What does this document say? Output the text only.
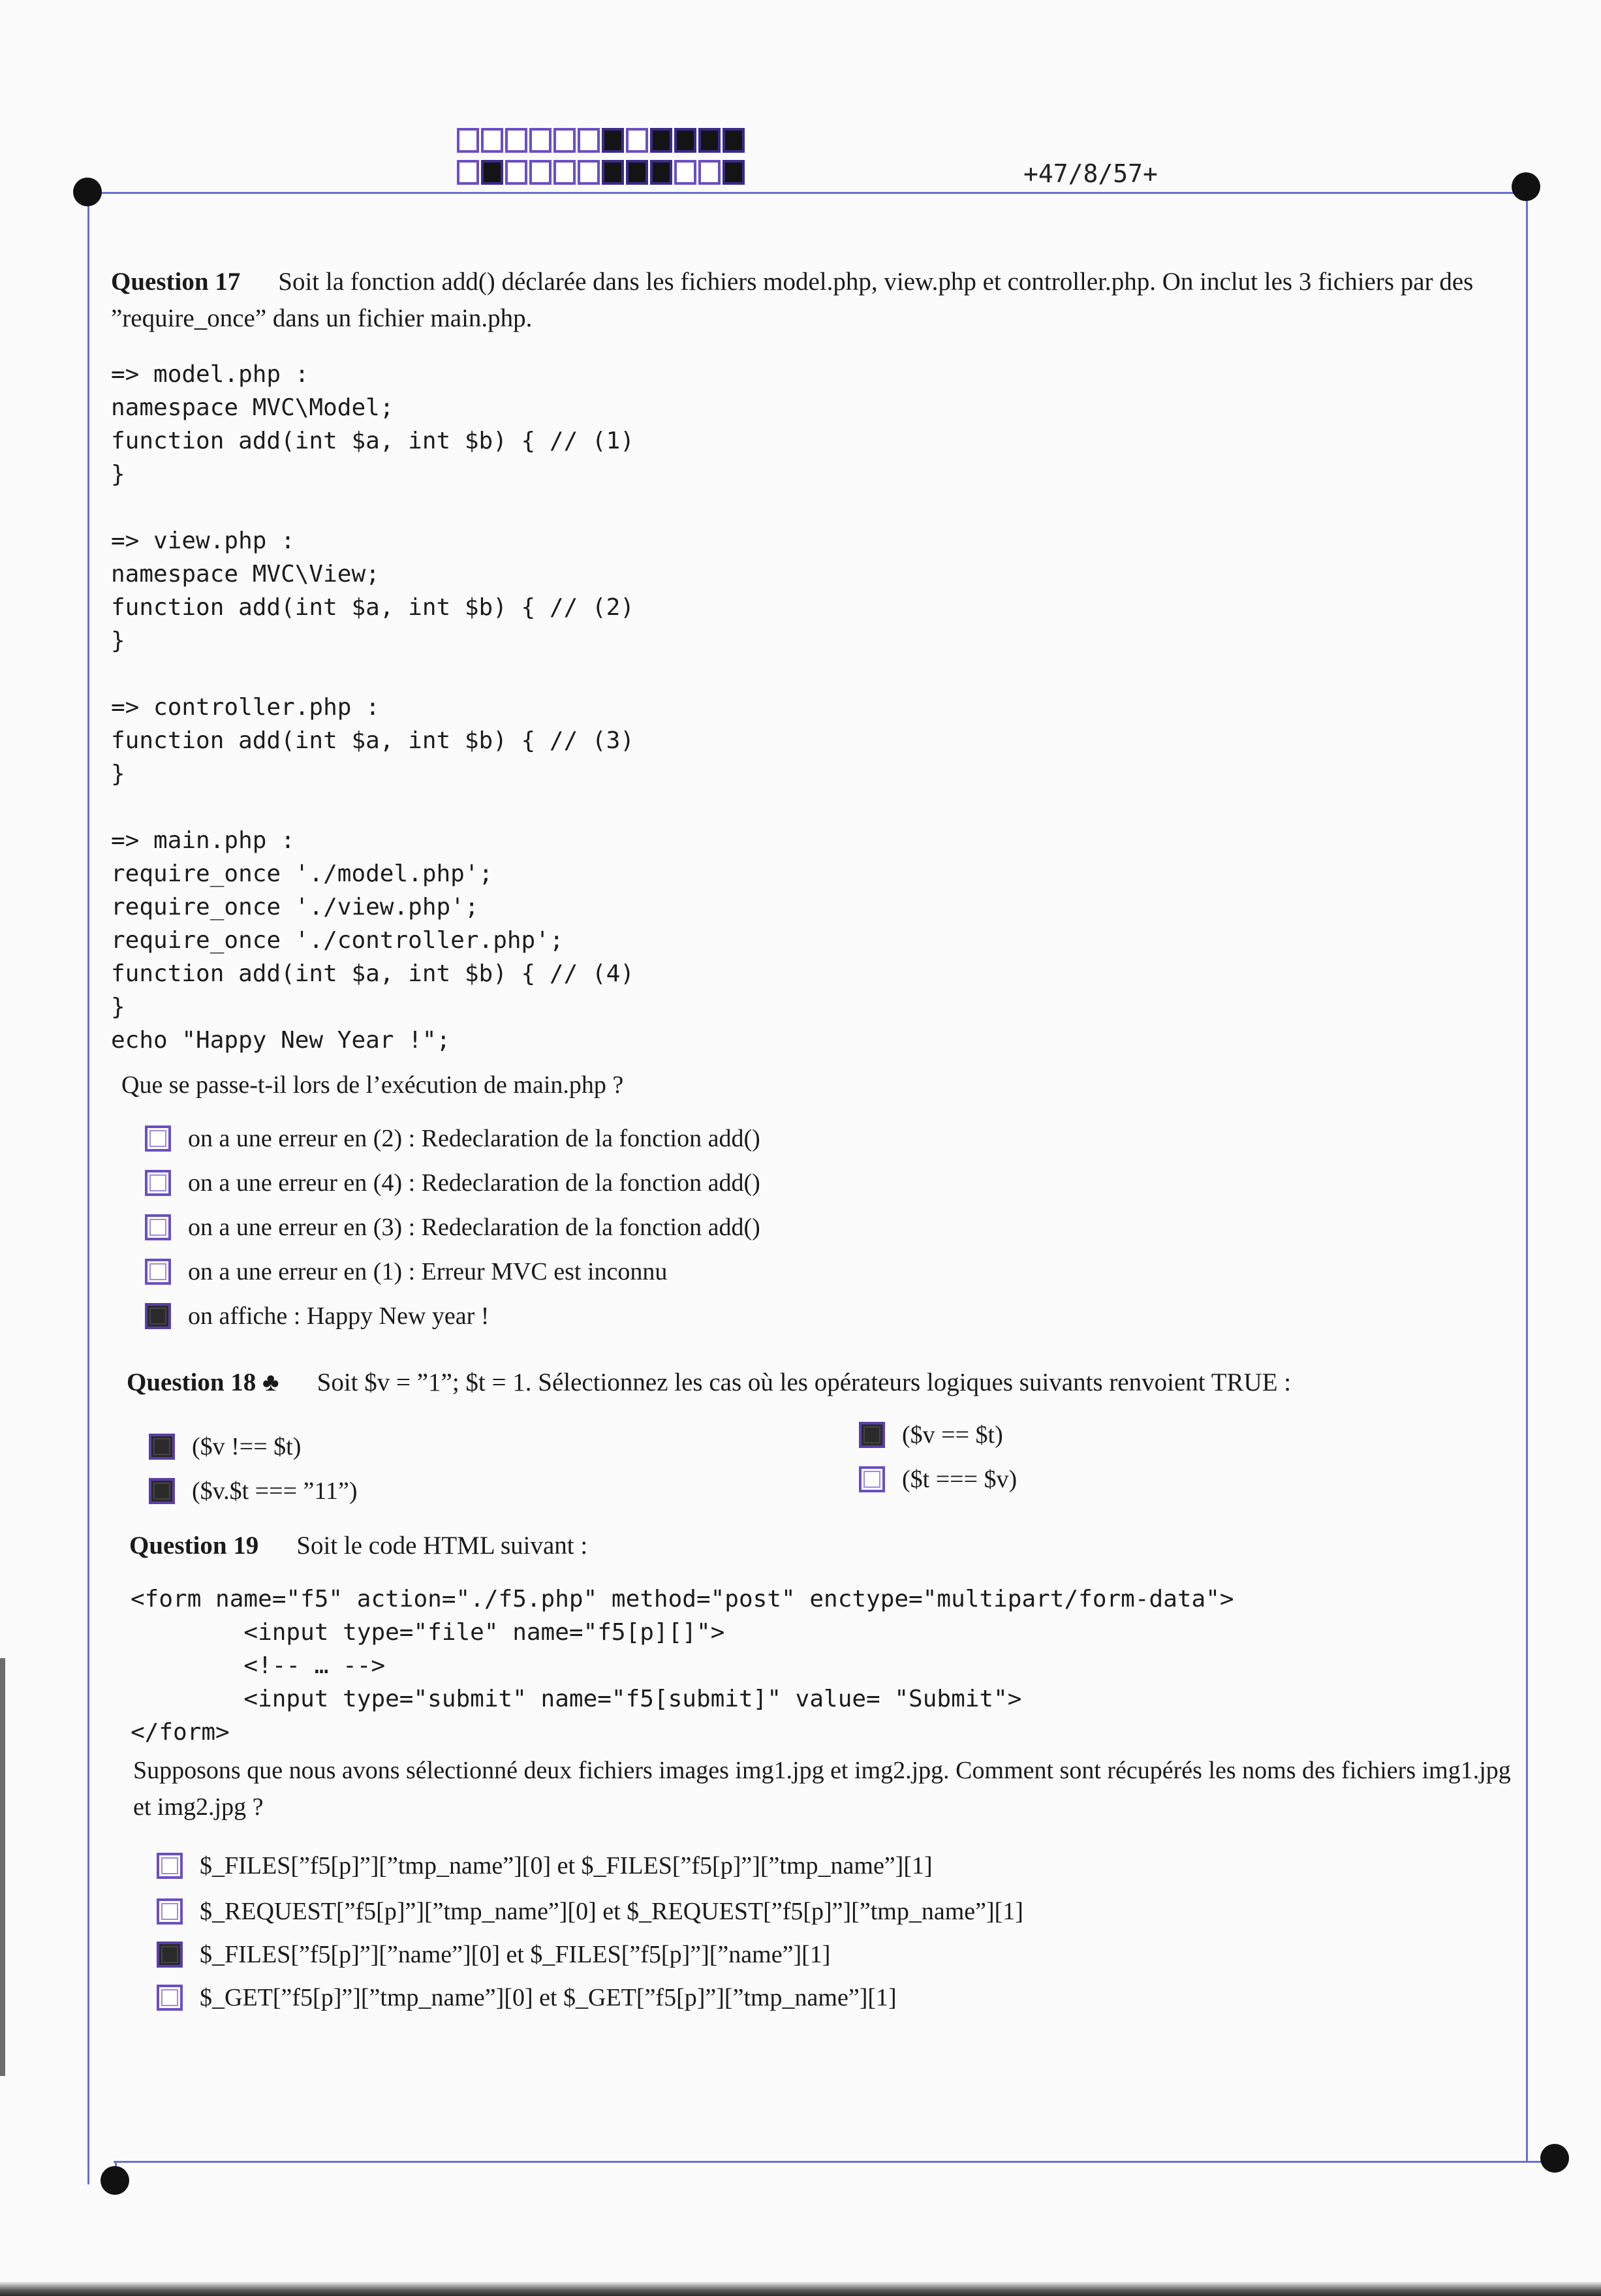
+47/8/57+
Question 17 Soit la fonction add() déclarée dans les fichiers model.php, view.php et controller.php. On inclut les 3 fichiers par des ”require_once” dans un fichier main.php.
=> model.php :
namespace MVC\Model;
function add(int $a, int $b) { // (1)
}

=> view.php :
namespace MVC\View;
function add(int $a, int $b) { // (2)
}

=> controller.php :
function add(int $a, int $b) { // (3)
}

=> main.php :
require_once './model.php';
require_once './view.php';
require_once './controller.php';
function add(int $a, int $b) { // (4)
}
echo "Happy New Year !";
Que se passe-t-il lors de l’exécution de main.php ?
on a une erreur en (2) : Redeclaration de la fonction add()
on a une erreur en (4) : Redeclaration de la fonction add()
on a une erreur en (3) : Redeclaration de la fonction add()
on a une erreur en (1) : Erreur MVC est inconnu
on affiche : Happy New year !
Question 18 ♣ Soit $v = ”1”; $t = 1. Sélectionnez les cas où les opérateurs logiques suivants renvoient TRUE :
($v !== $t)
($v.$t === ”11”)
($v == $t)
($t === $v)
Question 19 Soit le code HTML suivant :
<form name="f5" action="./f5.php" method="post" enctype="multipart/form-data">
<input type="file" name="f5[p][]">
<!-- … -->
<input type="submit" name="f5[submit]" value= "Submit">
</form>
Supposons que nous avons sélectionné deux fichiers images img1.jpg et img2.jpg. Comment sont récupérés les noms des fichiers img1.jpg et img2.jpg ?
$_FILES[”f5[p]”][”tmp_name”][0] et $_FILES[”f5[p]”][”tmp_name”][1]
$_REQUEST[”f5[p]”][”tmp_name”][0] et $_REQUEST[”f5[p]”][”tmp_name”][1]
$_FILES[”f5[p]”][”name”][0] et $_FILES[”f5[p]”][”name”][1]
$_GET[”f5[p]”][”tmp_name”][0] et $_GET[”f5[p]”][”tmp_name”][1]
